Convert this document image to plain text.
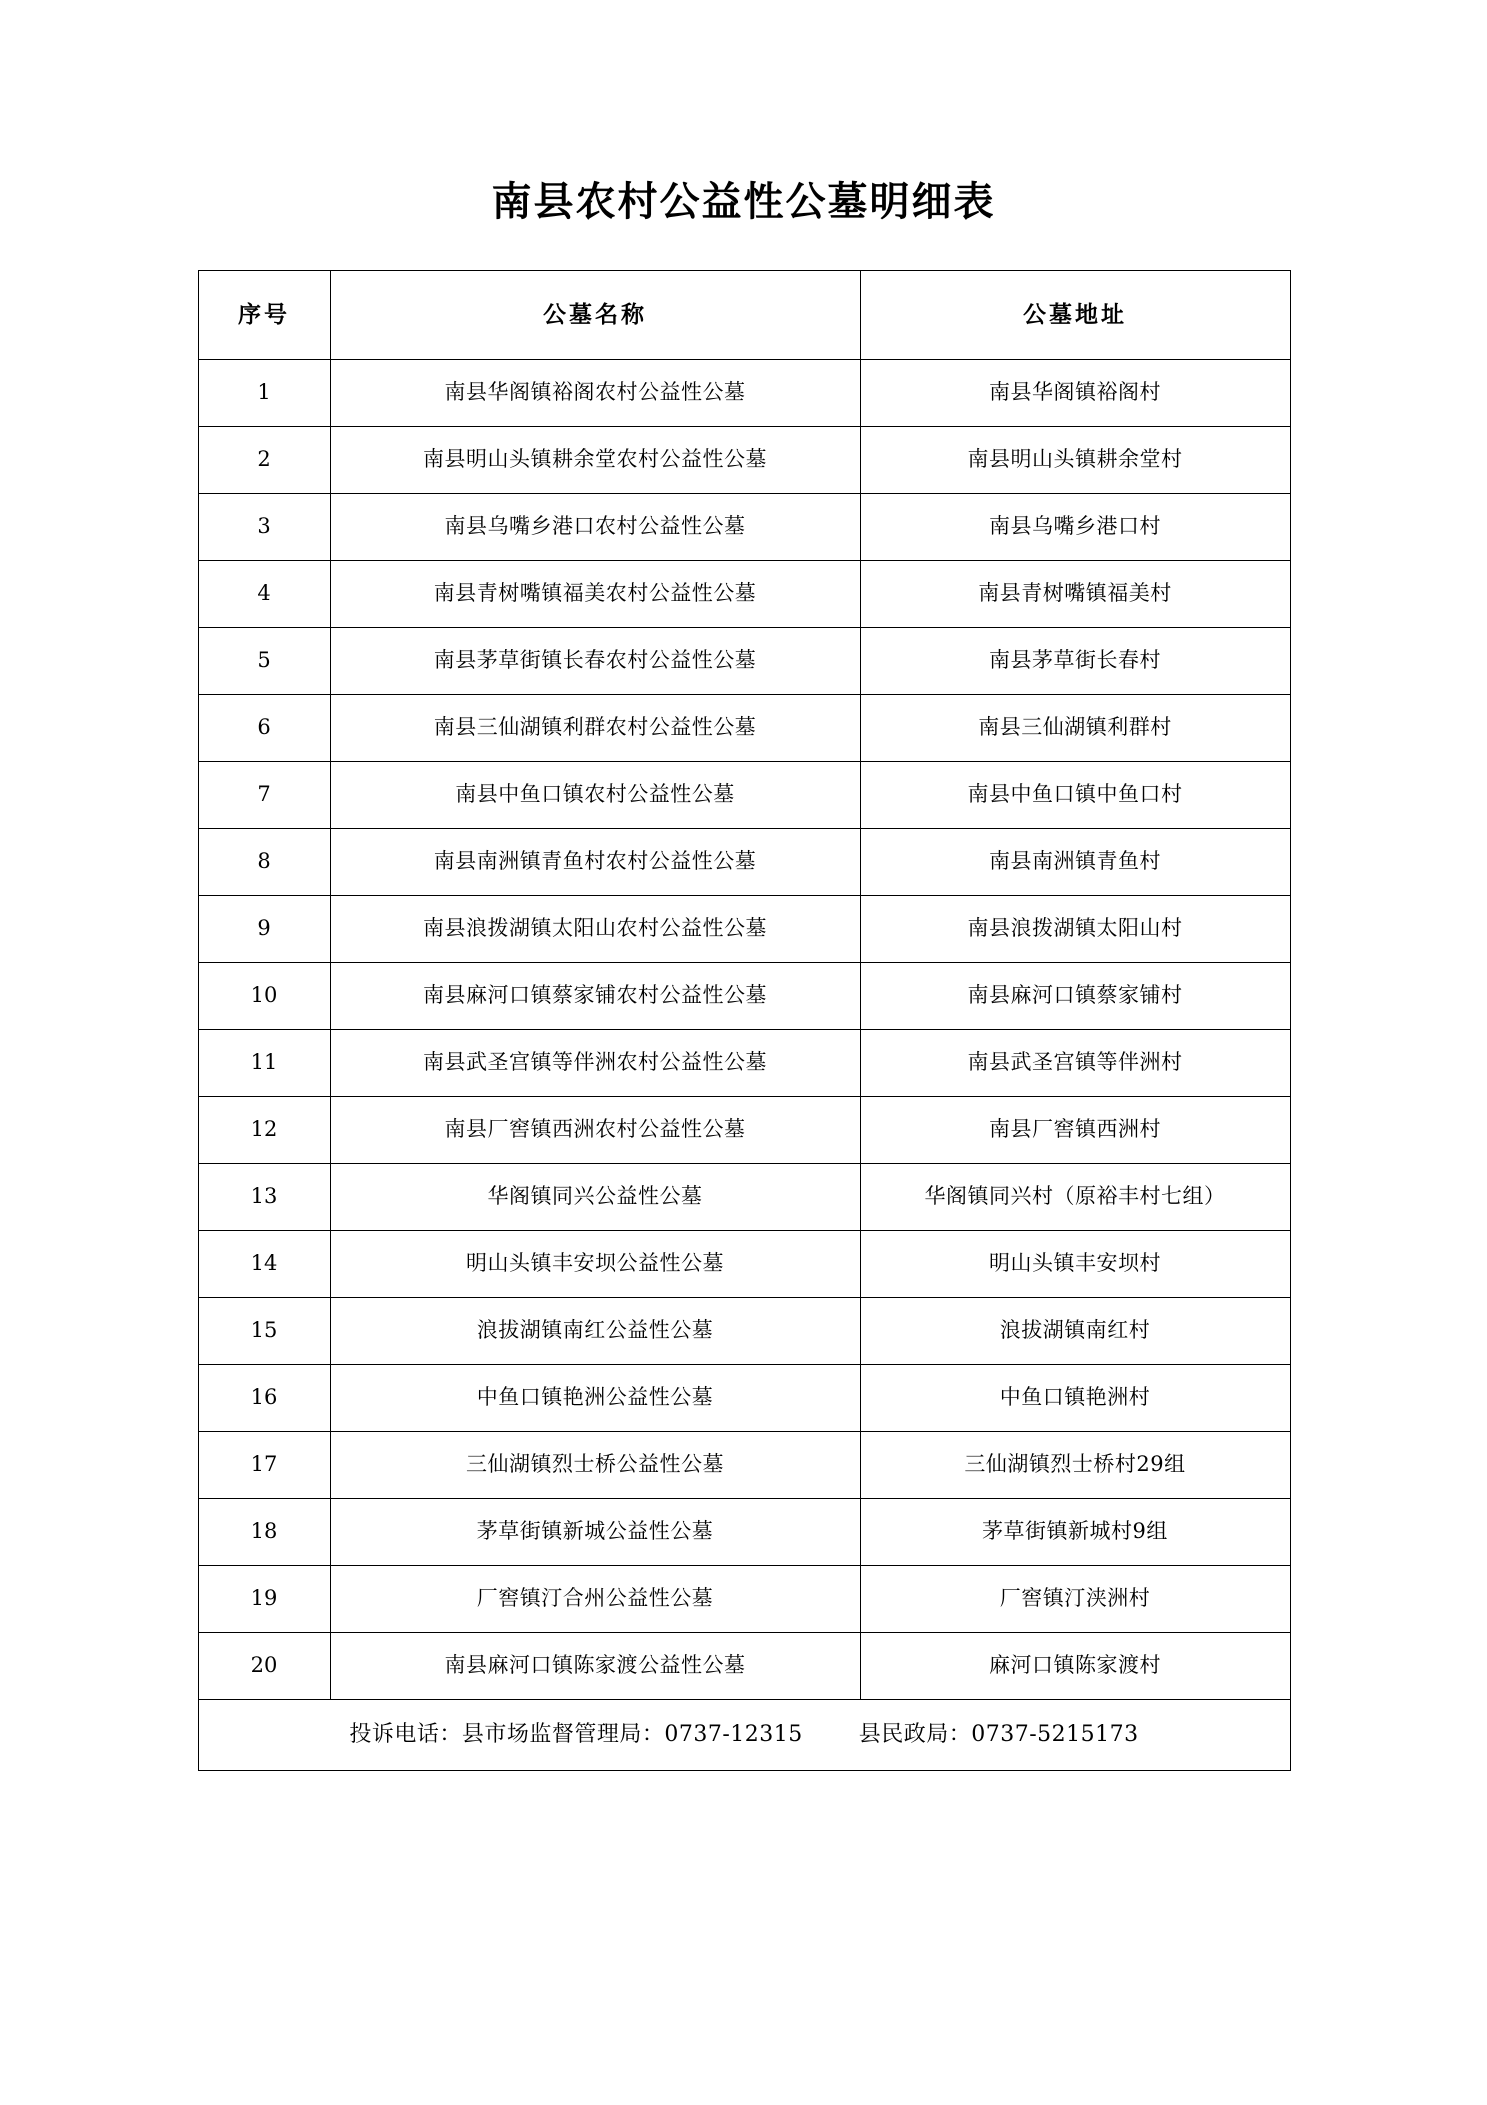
南县农村公益性公墓明细表
序号	公墓名称	公墓地址
1	南县华阁镇裕阁农村公益性公墓	南县华阁镇裕阁村
2	南县明山头镇耕余堂农村公益性公墓	南县明山头镇耕余堂村
3	南县乌嘴乡港口农村公益性公墓	南县乌嘴乡港口村
4	南县青树嘴镇福美农村公益性公墓	南县青树嘴镇福美村
5	南县茅草街镇长春农村公益性公墓	南县茅草街长春村
6	南县三仙湖镇利群农村公益性公墓	南县三仙湖镇利群村
7	南县中鱼口镇农村公益性公墓	南县中鱼口镇中鱼口村
8	南县南洲镇青鱼村农村公益性公墓	南县南洲镇青鱼村
9	南县浪拨湖镇太阳山农村公益性公墓	南县浪拨湖镇太阳山村
10	南县麻河口镇蔡家铺农村公益性公墓	南县麻河口镇蔡家铺村
11	南县武圣宫镇等伴洲农村公益性公墓	南县武圣宫镇等伴洲村
12	南县厂窖镇西洲农村公益性公墓	南县厂窖镇西洲村
13	华阁镇同兴公益性公墓	华阁镇同兴村（原裕丰村七组）
14	明山头镇丰安坝公益性公墓	明山头镇丰安坝村
15	浪拔湖镇南红公益性公墓	浪拔湖镇南红村
16	中鱼口镇艳洲公益性公墓	中鱼口镇艳洲村
17	三仙湖镇烈士桥公益性公墓	三仙湖镇烈士桥村29组
18	茅草街镇新城公益性公墓	茅草街镇新城村9组
19	厂窖镇汀合州公益性公墓	厂窖镇汀浃洲村
20	南县麻河口镇陈家渡公益性公墓	麻河口镇陈家渡村

投诉电话：县市场监督管理局：0737-12315 县民政局：0737-5215173		
